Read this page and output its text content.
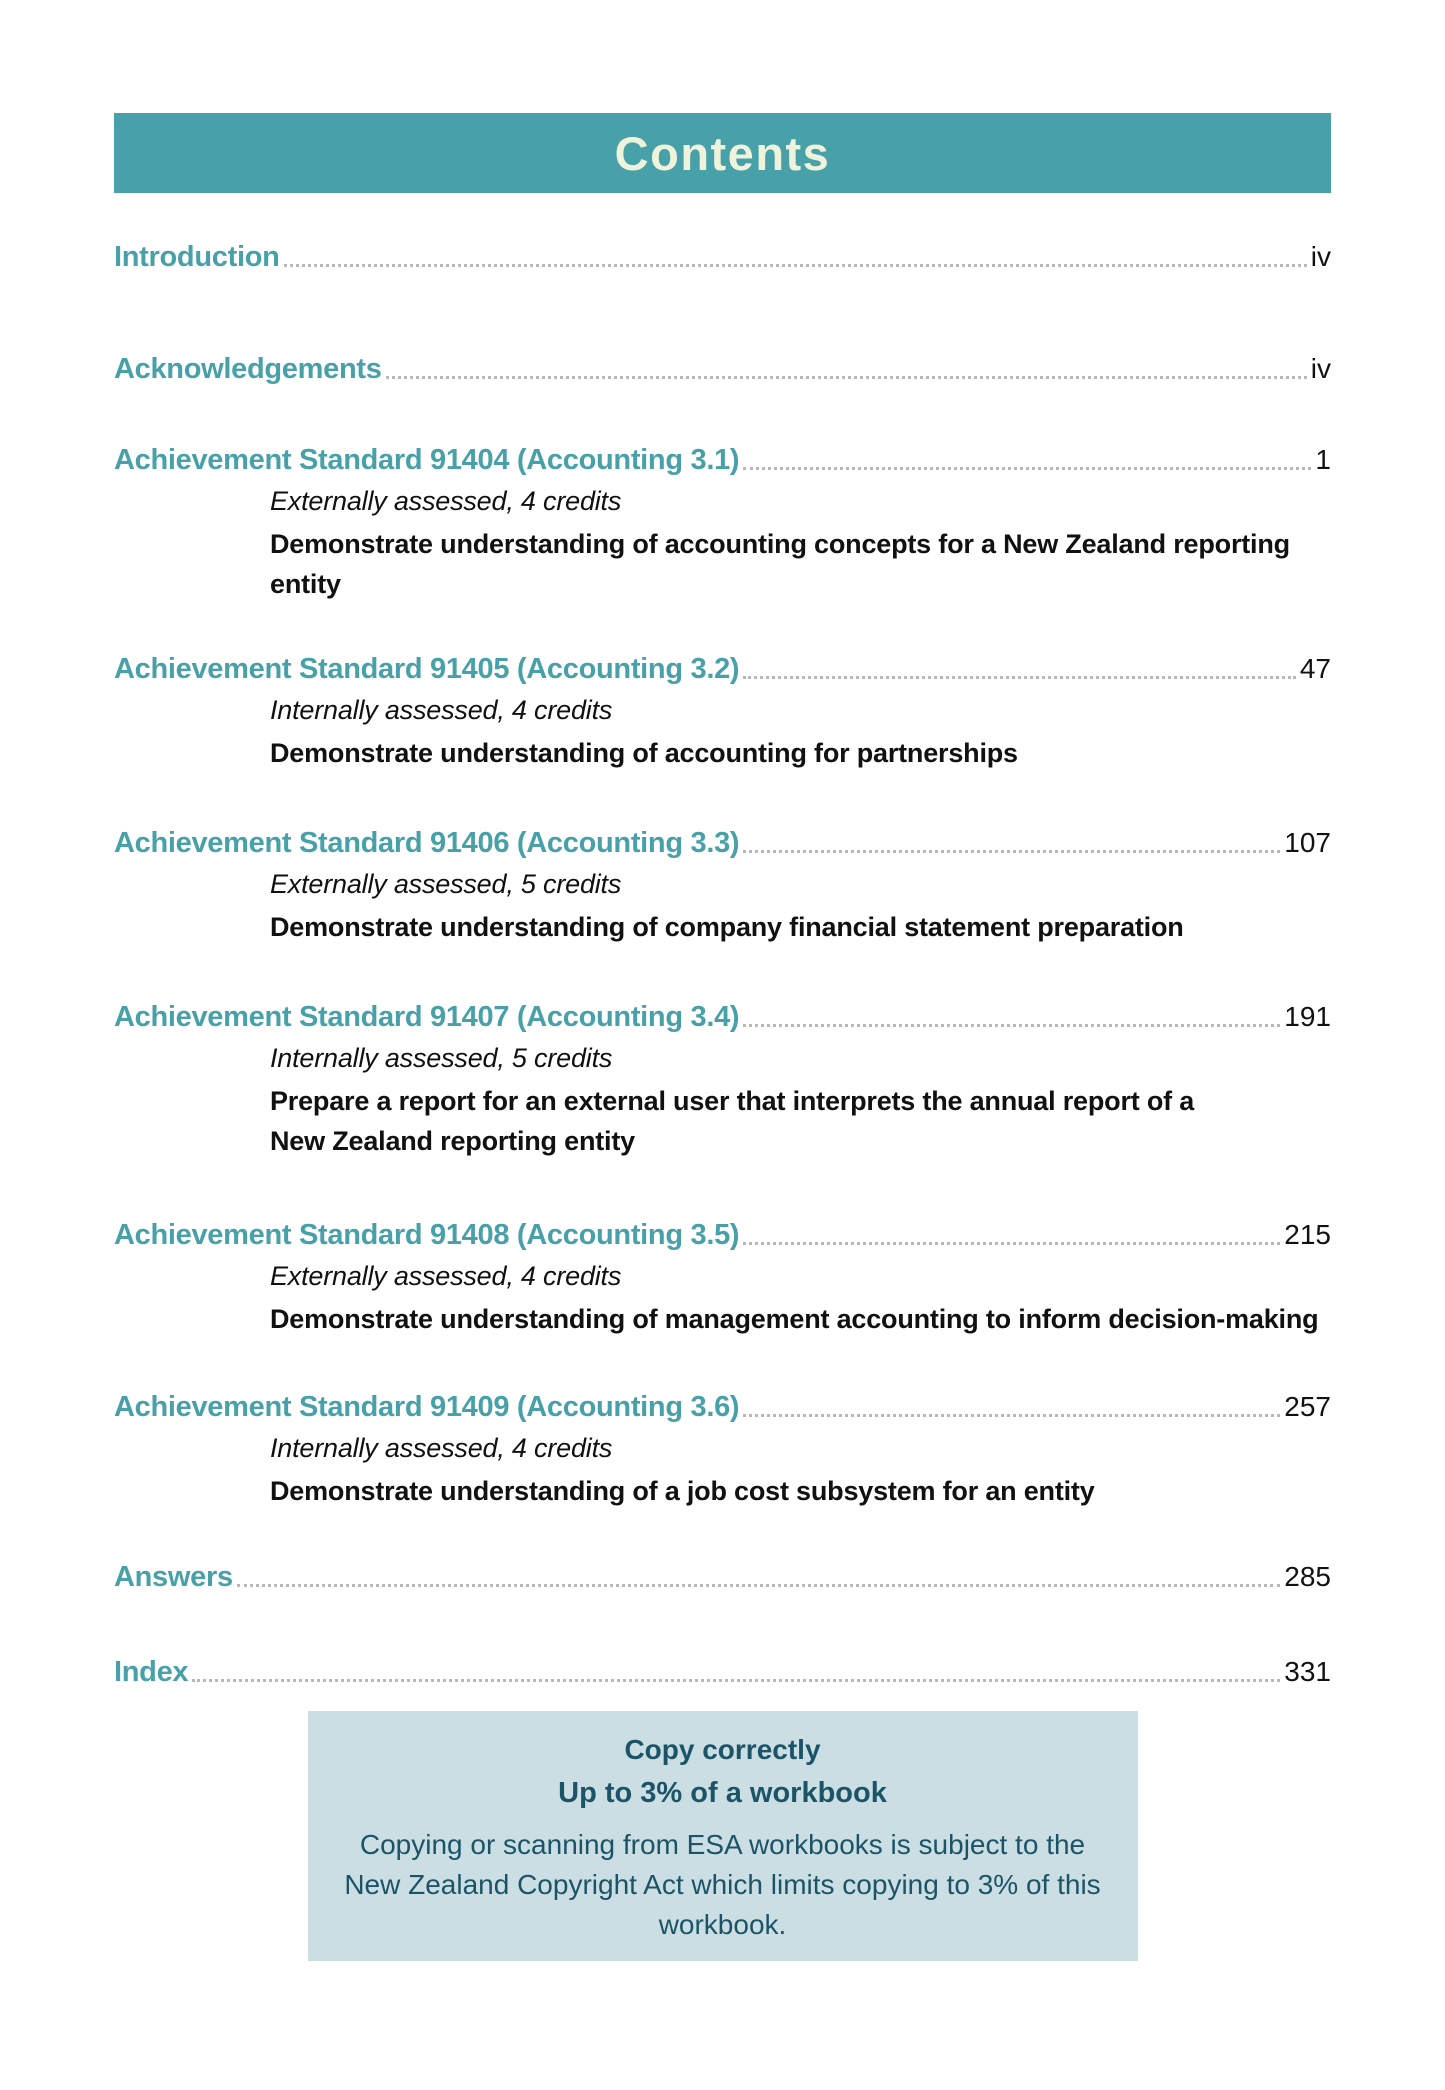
Contents
Introduction	iv
Acknowledgements	iv
Achievement Standard 91404 (Accounting 3.1)	1
Externally assessed, 4 credits
Demonstrate understanding of accounting concepts for a New Zealand reporting
entity
Achievement Standard 91405 (Accounting 3.2)	47
Internally assessed, 4 credits
Demonstrate understanding of accounting for partnerships
Achievement Standard 91406 (Accounting 3.3)	107
Externally assessed, 5 credits
Demonstrate understanding of company financial statement preparation
Achievement Standard 91407 (Accounting 3.4)	191
Internally assessed, 5 credits
Prepare a report for an external user that interprets the annual report of a
New Zealand reporting entity
Achievement Standard 91408 (Accounting 3.5)	215
Externally assessed, 4 credits
Demonstrate understanding of management accounting to inform decision-making
Achievement Standard 91409 (Accounting 3.6)	257
Internally assessed, 4 credits
Demonstrate understanding of a job cost subsystem for an entity
Answers	285
Index	331
Copy correctly
Up to 3% of a workbook
Copying or scanning from ESA workbooks is subject to the
New Zealand Copyright Act which limits copying to 3% of this workbook.
